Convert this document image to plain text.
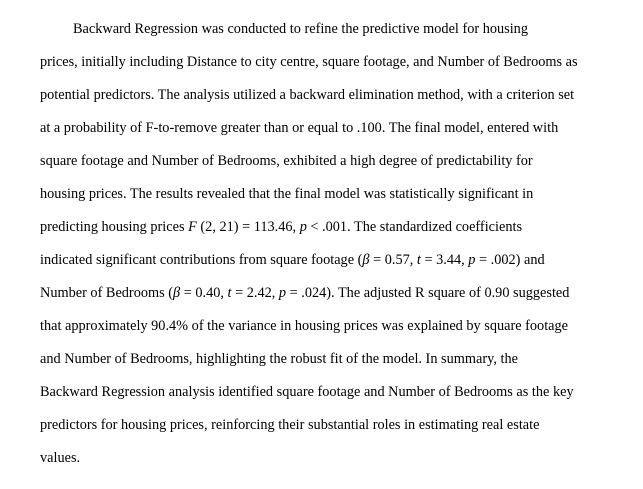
Backward Regression was conducted to refine the predictive model for housing
prices, initially including Distance to city centre, square footage, and Number of Bedrooms as
potential predictors. The analysis utilized a backward elimination method, with a criterion set
at a probability of F-to-remove greater than or equal to .100. The final model, entered with
square footage and Number of Bedrooms, exhibited a high degree of predictability for
housing prices. The results revealed that the final model was statistically significant in
predicting housing prices F (2, 21) = 113.46, p < .001. The standardized coefficients
indicated significant contributions from square footage (β = 0.57, t = 3.44, p = .002) and
Number of Bedrooms (β = 0.40, t = 2.42, p = .024). The adjusted R square of 0.90 suggested
that approximately 90.4% of the variance in housing prices was explained by square footage
and Number of Bedrooms, highlighting the robust fit of the model. In summary, the
Backward Regression analysis identified square footage and Number of Bedrooms as the key
predictors for housing prices, reinforcing their substantial roles in estimating real estate
values.
